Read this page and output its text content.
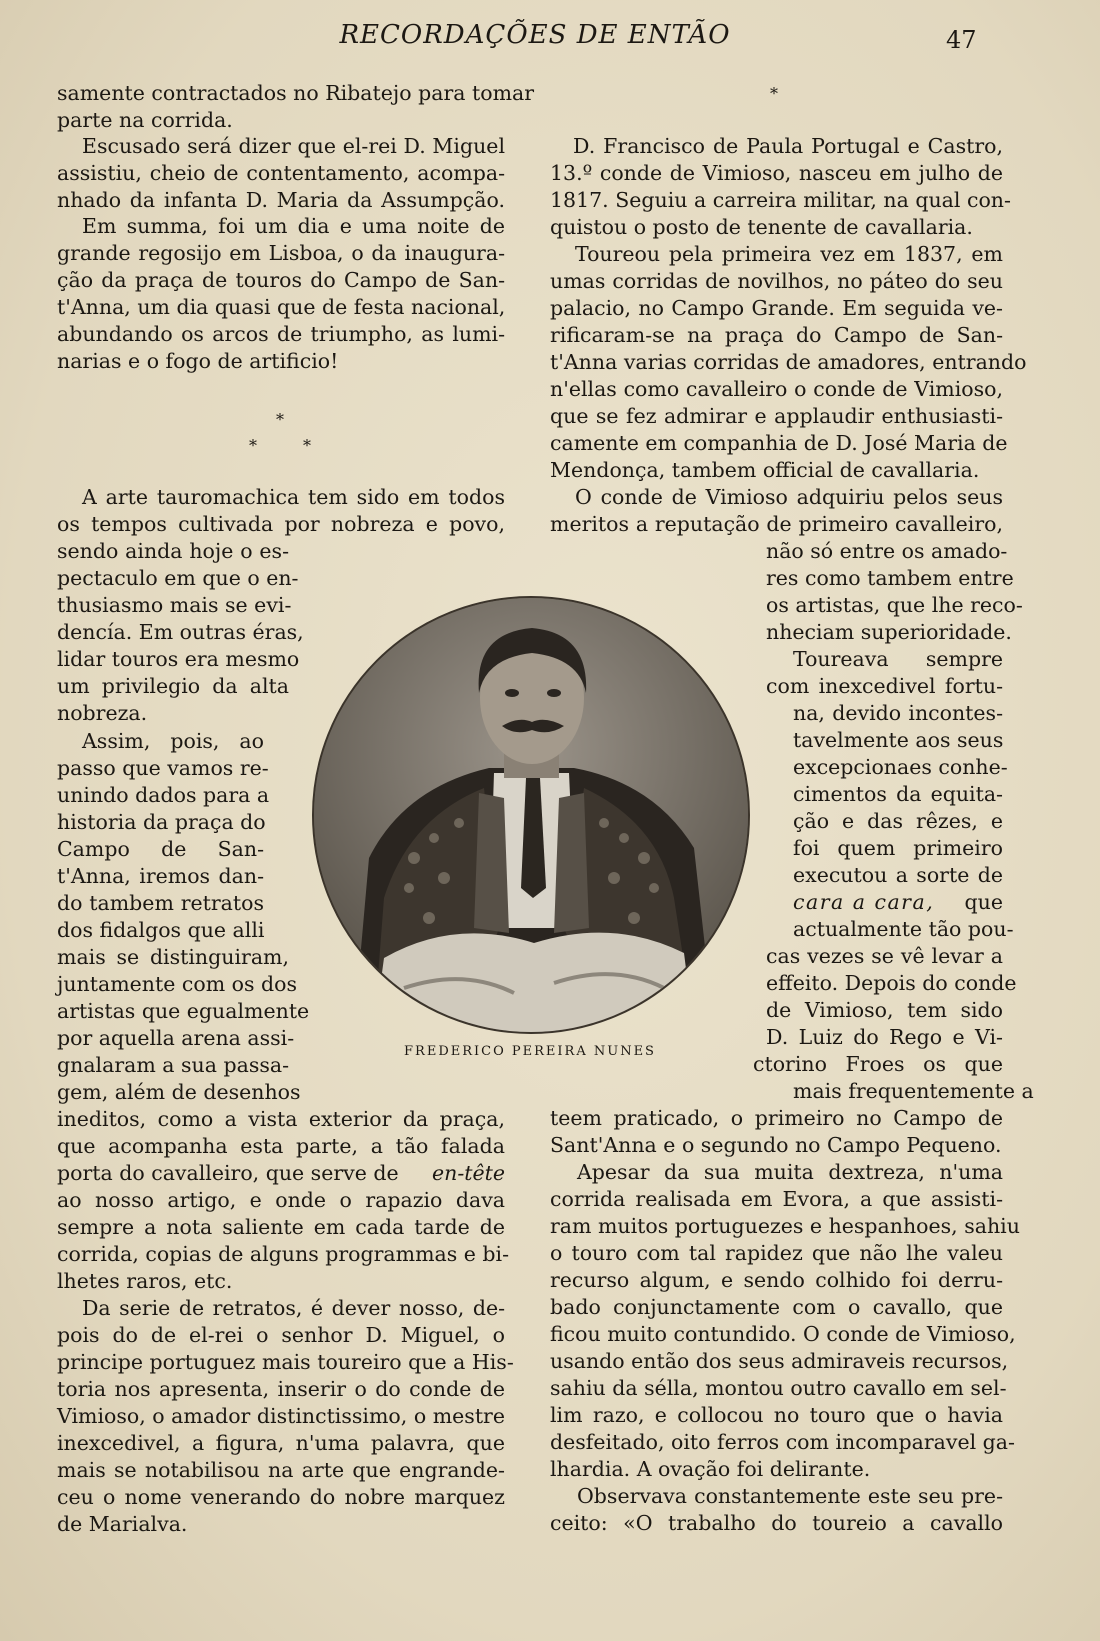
RECORDAÇÕES DE ENTÃO	47
samente contractados no Ribatejo para tomar
parte na corrida.
Escusado será dizer que el-rei D. Miguel
assistiu, cheio de contentamento, acompa-
nhado da infanta D. Maria da Assumpção.
Em summa, foi um dia e uma noite de
grande regosijo em Lisboa, o da inaugura-
ção da praça de touros do Campo de San-
t'Anna, um dia quasi que de festa nacional,
abundando os arcos de triumpho, as lumi-
narias e o fogo de artificio!
*
*	*
A arte tauromachica tem sido em todos
os tempos cultivada por nobreza e povo,
sendo ainda hoje o es-
pectaculo em que o en-
thusiasmo mais se evi-
dencía. Em outras éras,
lidar touros era mesmo
um privilegio da alta
nobreza.
Assim, pois, ao
passo que vamos re-
unindo dados para a
historia da praça do
Campo de San-
t'Anna, iremos dan-
do tambem retratos
dos fidalgos que alli
mais se distinguiram,
juntamente com os dos
artistas que egualmente
por aquella arena assi-
gnalaram a sua passa-
gem, além de desenhos
ineditos, como a vista exterior da praça,
que acompanha esta parte, a tão falada
porta do cavalleiro, que serve de en-tête
ao nosso artigo, e onde o rapazio dava
sempre a nota saliente em cada tarde de
corrida, copias de alguns programmas e bi-
lhetes raros, etc.
Da serie de retratos, é dever nosso, de-
pois do de el-rei o senhor D. Miguel, o
principe portuguez mais toureiro que a His-
toria nos apresenta, inserir o do conde de
Vimioso, o amador distinctissimo, o mestre
inexcedivel, a figura, n'uma palavra, que
mais se notabilisou na arte que engrande-
ceu o nome venerando do nobre marquez
de Marialva.
*
D. Francisco de Paula Portugal e Castro,
13.º conde de Vimioso, nasceu em julho de
1817. Seguiu a carreira militar, na qual con-
quistou o posto de tenente de cavallaria.
Toureou pela primeira vez em 1837, em
umas corridas de novilhos, no páteo do seu
palacio, no Campo Grande. Em seguida ve-
rificaram-se na praça do Campo de San-
t'Anna varias corridas de amadores, entrando
n'ellas como cavalleiro o conde de Vimioso,
que se fez admirar e applaudir enthusiasti-
camente em companhia de D. José Maria de
Mendonça, tambem official de cavallaria.
O conde de Vimioso adquiriu pelos seus
meritos a reputação de primeiro cavalleiro,
não só entre os amado-
res como tambem entre
os artistas, que lhe reco-
nheciam superioridade.
Toureava sempre
com inexcedivel fortu-
na, devido incontes-
tavelmente aos seus
excepcionaes conhe-
cimentos da equita-
ção e das rêzes, e
foi quem primeiro
executou a sorte de
cara a cara, que
actualmente tão pou-
cas vezes se vê levar a
effeito. Depois do conde
de Vimioso, tem sido
D. Luiz do Rego e Vi-
ctorino Froes os que
mais frequentemente a
teem praticado, o primeiro no Campo de
Sant'Anna e o segundo no Campo Pequeno.
Apesar da sua muita dextreza, n'uma
corrida realisada em Evora, a que assisti-
ram muitos portuguezes e hespanhoes, sahiu
o touro com tal rapidez que não lhe valeu
recurso algum, e sendo colhido foi derru-
bado conjunctamente com o cavallo, que
ficou muito contundido. O conde de Vimioso,
usando então dos seus admiraveis recursos,
sahiu da séllа, montou outro cavallo em sel-
lim razo, e collocou no touro que o havia
desfeitado, oito ferros com incomparavel ga-
lhardia. A ovação foi delirante.
Observava constantemente este seu pre-
ceito: «O trabalho do toureio a cavallo
FREDERICO PEREIRA NUNES
